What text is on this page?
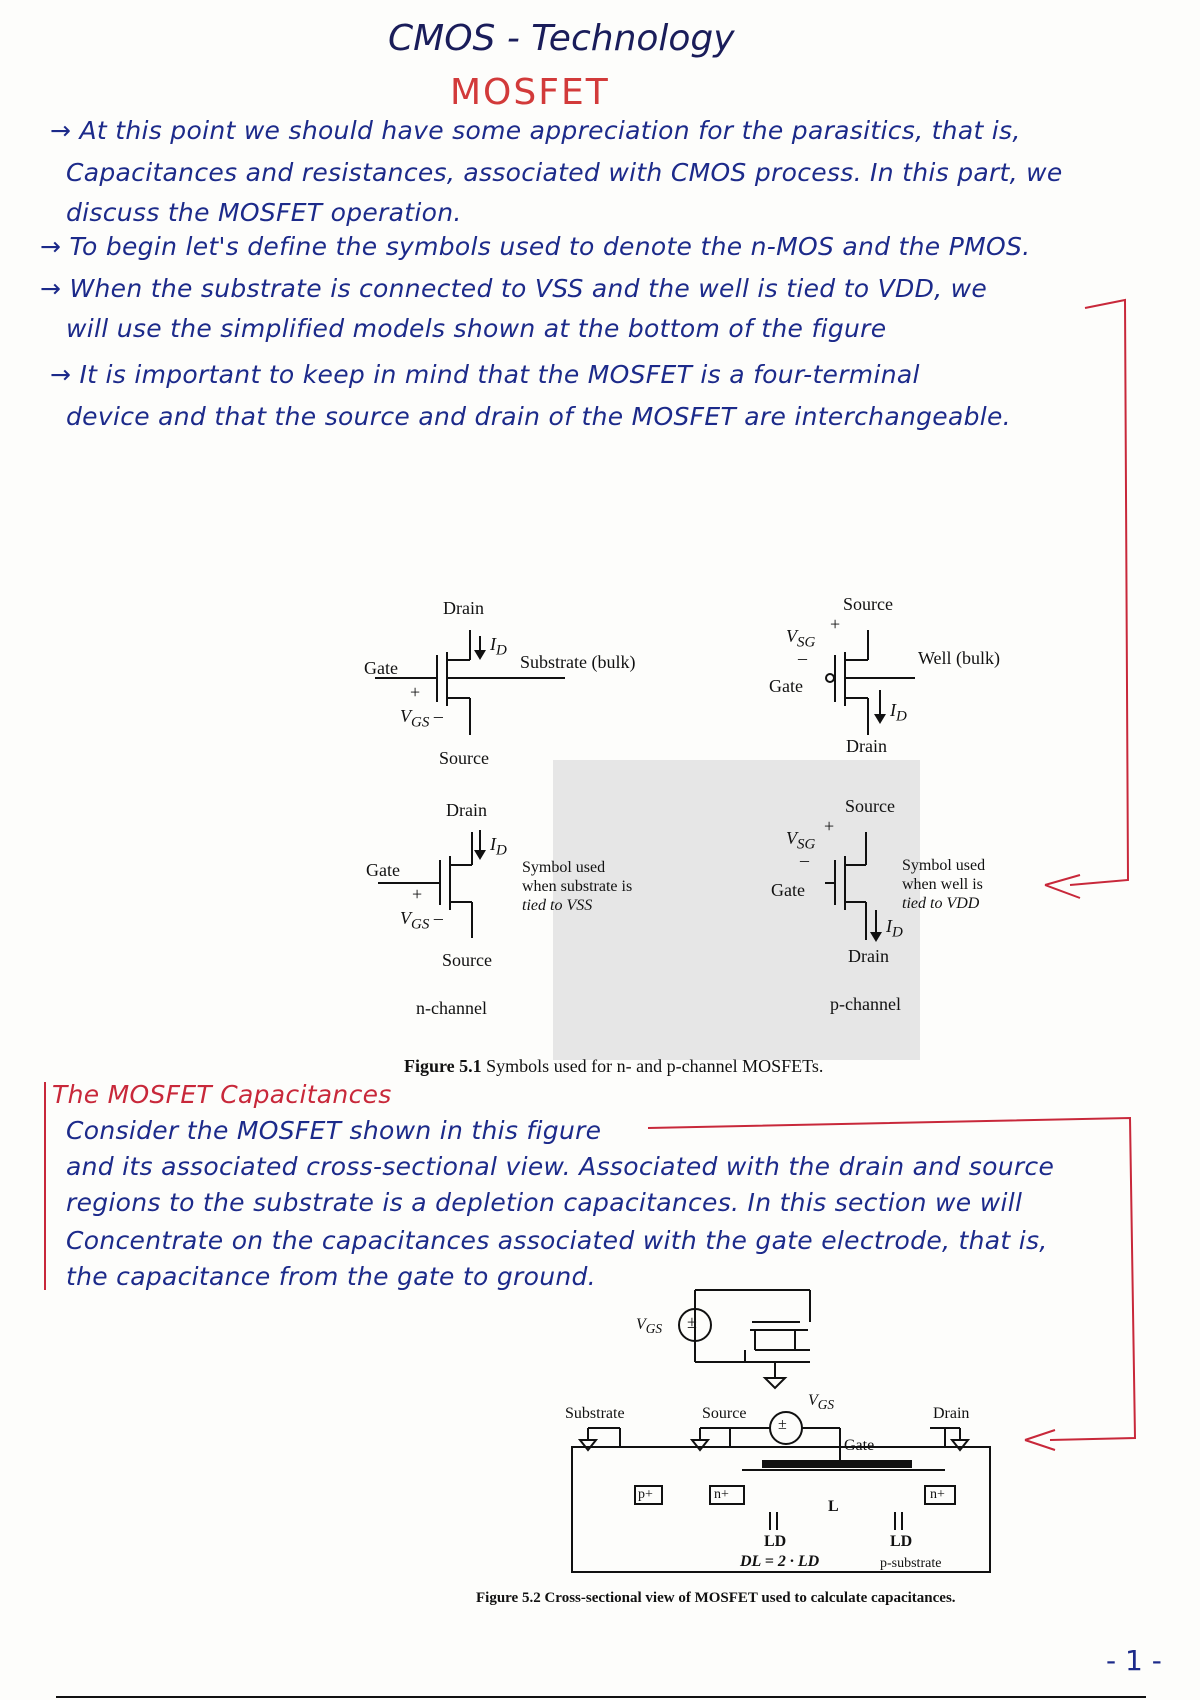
CMOS - Technology
MOSFET
→ At this point we should have some appreciation for the parasitics, that is,
Capacitances and resistances, associated with CMOS process. In this part, we
discuss the MOSFET operation.
→ To begin let's define the symbols used to denote the n-MOS and the PMOS.
→ When the substrate is connected to VSS and the well is tied to VDD, we
will use the simplified models shown at the bottom of the figure
→ It is important to keep in mind that the MOSFET is a four-terminal
device and that the source and drain of the MOSFET are interchangeable.
Drain
$I_D$
Gate	Substrate (bulk)
+
$V_{GS}$ –
Source
Source
+
$V_{SG}$
–	Well (bulk)
Gate
$I_D$
Drain
Drain
$I_D$
Gate
+
$V_{GS}$ –
Source
Symbol used
when substrate is
tied to VSS
Source
+
$V_{SG}$
–
Gate
$I_D$
Drain
Symbol used
when well is
tied to VDD
n-channel	p-channel
Figure 5.1 Symbols used for n- and p-channel MOSFETs.
The MOSFET Capacitances
Consider the MOSFET shown in this figure
and its associated cross-sectional view. Associated with the drain and source
regions to the substrate is a depletion capacitances. In this section we will
Concentrate on the capacitances associated with the gate electrode, that is,
the capacitance from the gate to ground.
$V_{GS}$ ±
$V_{GS}$
±
Substrate	Source	Drain
Gate
p+	n+	n+
L
LD	LD
DL = 2 · LD	p-substrate
Figure 5.2 Cross-sectional view of MOSFET used to calculate capacitances.
- 1 -
